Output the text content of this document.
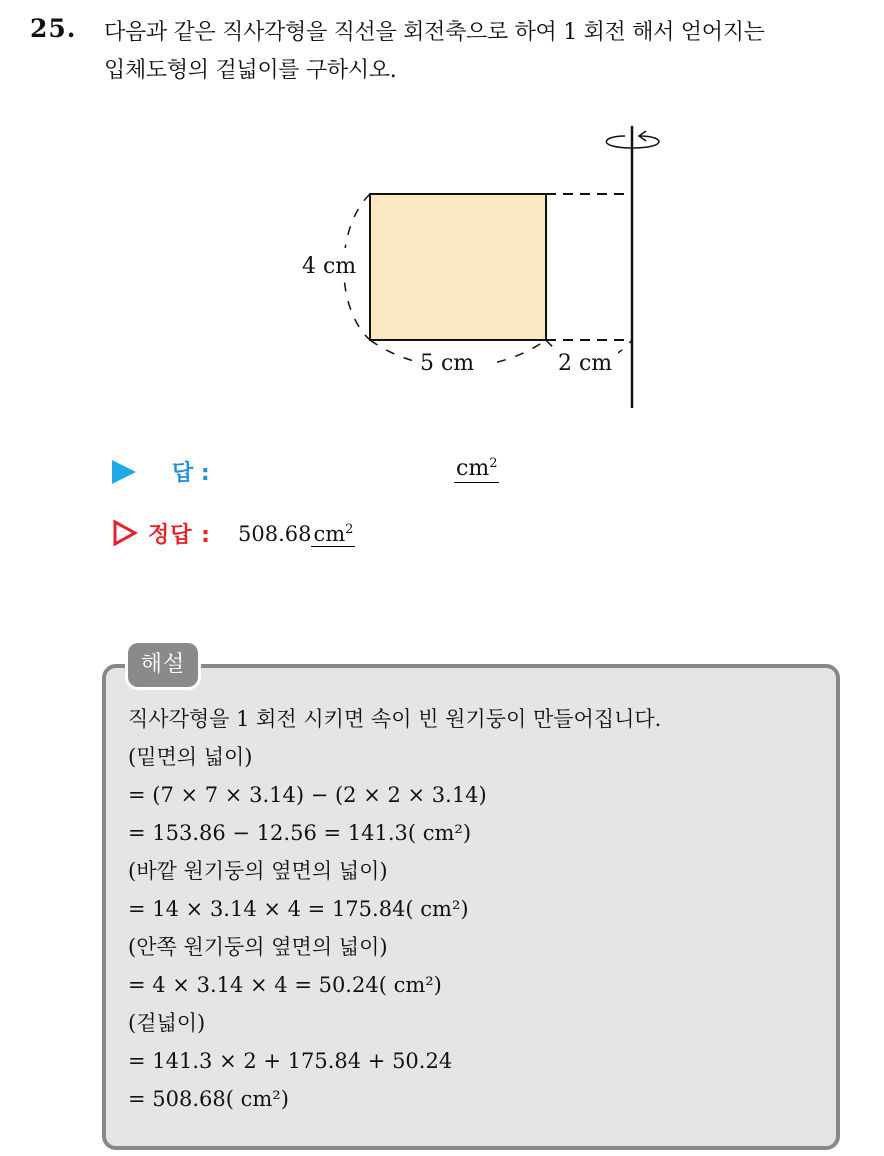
25. 다음과 같은 직사각형을 직선을 회전축으로 하여 1 회전 해서 얻어지는
입체도형의 겉넓이를 구하시오.
4 cm
5 cm	2 cm
답 :	$cm^2$
정답 : $508.68cm^2$
해설
직사각형을 1 회전 시키면 속이 빈 원기둥이 만들어집니다.
(밑면의 넓이)
= (7 × 7 × 3.14) − (2 × 2 × 3.14)
= 153.86 − 12.56 = 141.3( cm²)
(바깥 원기둥의 옆면의 넓이)
= 14 × 3.14 × 4 = 175.84( cm²)
(안쪽 원기둥의 옆면의 넓이)
= 4 × 3.14 × 4 = 50.24( cm²)
(겉넓이)
= 141.3 × 2 + 175.84 + 50.24
= 508.68( cm²)
